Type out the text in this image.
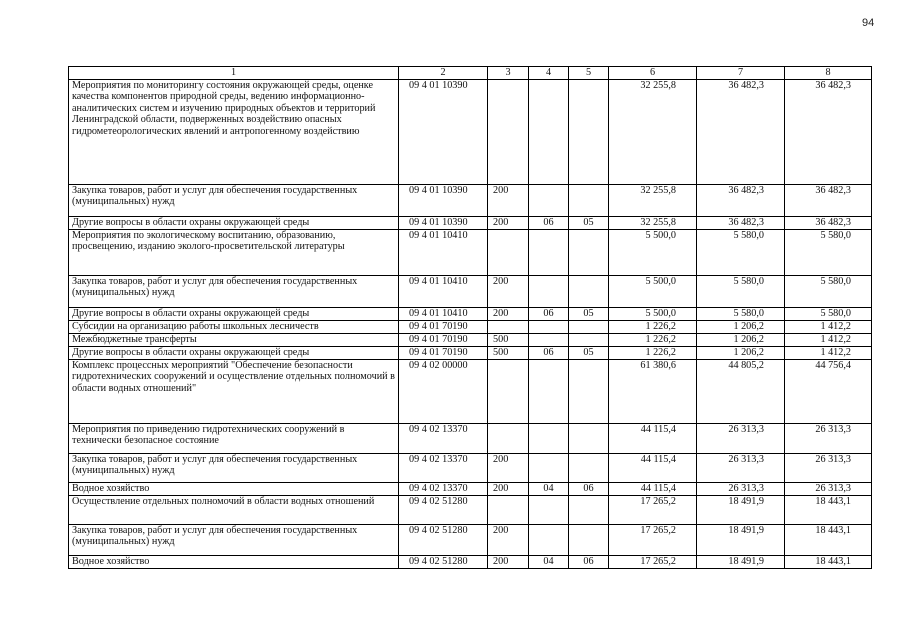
94
1	2	3	4	5	6	7	8
Мероприятия по мониторингу состояния окружающей среды, оценке качества компонентов природной среды, ведению информационно-аналитических систем и изучению природных объектов и территорий Ленинградской области, подверженных воздействию опасных гидрометеорологических явлений и антропогенному воздействию	09 4 01 10390				32 255,8	36 482,3	36 482,3
Закупка товаров, работ и услуг для обеспечения государственных (муниципальных) нужд	09 4 01 10390	200			32 255,8	36 482,3	36 482,3
Другие вопросы в области охраны окружающей среды	09 4 01 10390	200	06	05	32 255,8	36 482,3	36 482,3
Мероприятия по экологическому воспитанию, образованию, просвещению, изданию эколого-просветительской литературы	09 4 01 10410				5 500,0	5 580,0	5 580,0
Закупка товаров, работ и услуг для обеспечения государственных (муниципальных) нужд	09 4 01 10410	200			5 500,0	5 580,0	5 580,0
Другие вопросы в области охраны окружающей среды	09 4 01 10410	200	06	05	5 500,0	5 580,0	5 580,0
Субсидии на организацию работы школьных лесничеств	09 4 01 70190				1 226,2	1 206,2	1 412,2
Межбюджетные трансферты	09 4 01 70190	500			1 226,2	1 206,2	1 412,2
Другие вопросы в области охраны окружающей среды	09 4 01 70190	500	06	05	1 226,2	1 206,2	1 412,2
Комплекс процессных мероприятий "Обеспечение безопасности гидротехнических сооружений и осуществление отдельных полномочий в области водных отношений"	09 4 02 00000				61 380,6	44 805,2	44 756,4
Мероприятия по приведению гидротехнических сооружений в технически безопасное состояние	09 4 02 13370				44 115,4	26 313,3	26 313,3
Закупка товаров, работ и услуг для обеспечения государственных (муниципальных) нужд	09 4 02 13370	200			44 115,4	26 313,3	26 313,3
Водное хозяйство	09 4 02 13370	200	04	06	44 115,4	26 313,3	26 313,3
Осуществление отдельных полномочий в области водных отношений	09 4 02 51280				17 265,2	18 491,9	18 443,1
Закупка товаров, работ и услуг для обеспечения государственных (муниципальных) нужд	09 4 02 51280	200			17 265,2	18 491,9	18 443,1
Водное хозяйство	09 4 02 51280	200	04	06	17 265,2	18 491,9	18 443,1
